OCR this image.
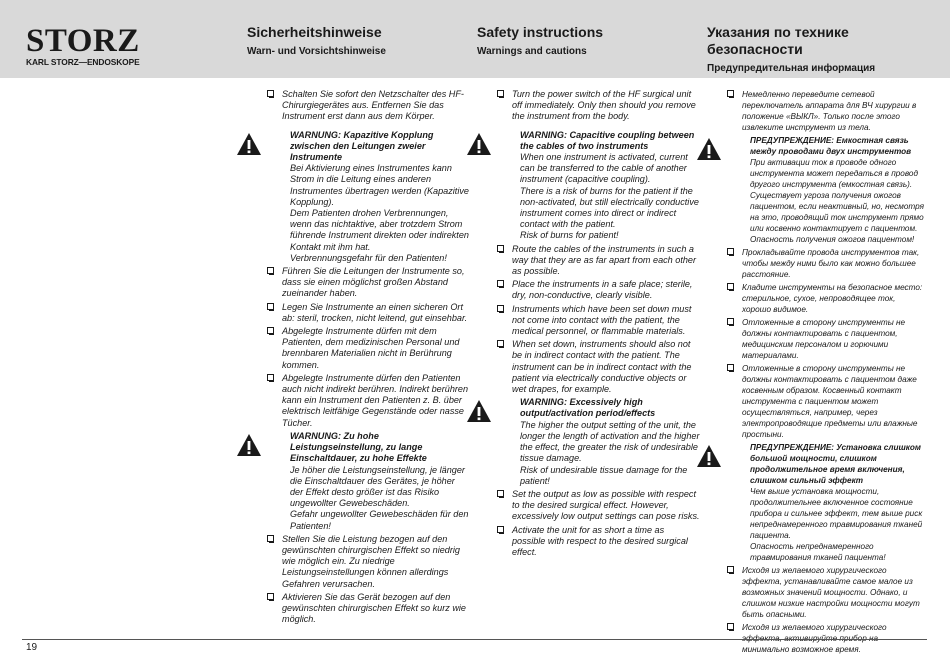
STORZ
KARL STORZ—ENDOSKOPE
Sicherheitshinweise
Warn- und Vorsichtshinweise
Safety instructions
Warnings and cautions
Указания по технике безопасности
Предупредительная информация
Schalten Sie sofort den Netzschalter des HF-Chirurgiegerätes aus. Entfernen Sie das Instrument erst dann aus dem Körper.
WARNUNG: Kapazitive Kopplung zwischen den Leitungen zweier Instrumente
Bei Aktivierung eines Instrumentes kann Strom in die Leitung eines anderen Instrumentes übertragen werden (Kapazitive Kopplung).
Dem Patienten drohen Verbrennungen, wenn das nichtaktive, aber trotzdem Strom führende Instrument direkten oder indirekten Kontakt mit ihm hat.
Verbrennungsgefahr für den Patienten!
Führen Sie die Leitungen der Instrumente so, dass sie einen möglichst großen Abstand zueinander haben.
Legen Sie Instrumente an einen sicheren Ort ab: steril, trocken, nicht leitend, gut einsehbar.
Abgelegte Instrumente dürfen mit dem Patienten, dem medizinischen Personal und brennbaren Materialien nicht in Berührung kommen.
Abgelegte Instrumente dürfen den Patienten auch nicht indirekt berühren. Indirekt berühren kann ein Instrument den Patienten z. B. über elektrisch leitfähige Gegenstände oder nasse Tücher.
WARNUNG: Zu hohe Leistungseinstellung, zu lange Einschaltdauer, zu hohe Effekte
Je höher die Leistungseinstellung, je länger die Einschaltdauer des Gerätes, je höher der Effekt desto größer ist das Risiko ungewollter Gewebeschäden.
Gefahr ungewollter Gewebeschäden für den Patienten!
Stellen Sie die Leistung bezogen auf den gewünschten chirurgischen Effekt so niedrig wie möglich ein. Zu niedrige Leistungseinstellungen können allerdings Gefahren verursachen.
Aktivieren Sie das Gerät bezogen auf den gewünschten chirurgischen Effekt so kurz wie möglich.
Turn the power switch of the HF surgical unit off immediately. Only then should you remove the instrument from the body.
WARNING: Capacitive coupling between the cables of two instruments
When one instrument is activated, current can be transferred to the cable of another instrument (capacitive coupling).
There is a risk of burns for the patient if the non-activated, but still electrically conductive instrument comes into direct or indirect contact with the patient.
Risk of burns for patient!
Route the cables of the instruments in such a way that they are as far apart from each other as possible.
Place the instruments in a safe place; sterile, dry, non-conductive, clearly visible.
Instruments which have been set down must not come into contact with the patient, the medical personnel, or flammable materials.
When set down, instruments should also not be in indirect contact with the patient. The instrument can be in indirect contact with the patient via electrically conductive objects or wet drapes, for example.
WARNING: Excessively high output/activation period/effects
The higher the output setting of the unit, the longer the length of activation and the higher the effect, the greater the risk of undesirable tissue damage.
Risk of undesirable tissue damage for the patient!
Set the output as low as possible with respect to the desired surgical effect. However, excessively low output settings can pose risks.
Activate the unit for as short a time as possible with respect to the desired surgical effect.
Немедленно переведите сетевой переключатель аппарата для ВЧ хирургии в положение «ВЫКЛ». Только после этого извлеките инструмент из тела.
ПРЕДУПРЕЖДЕНИЕ: Емкостная связь между проводами двух инструментов
При активации ток в проводе одного инструмента может передаться в провод другого инструмента (емкостная связь).
Существует угроза получения ожогов пациентом, если неактивный, но, несмотря на это, проводящий ток инструмент прямо или косвенно контактирует с пациентом.
Опасность получения ожогов пациентом!
Прокладывайте провода инструментов так, чтобы между ними было как можно большее расстояние.
Кладите инструменты на безопасное место: стерильное, сухое, непроводящее ток, хорошо видимое.
Отложенные в сторону инструменты не должны контактировать с пациентом, медицинским персоналом и горючими материалами.
Отложенные в сторону инструменты не должны контактировать с пациентом даже косвенным образом. Косвенный контакт инструмента с пациентом может осуществляться, например, через электропроводящие предметы или влажные простыни.
ПРЕДУПРЕЖДЕНИЕ: Установка слишком большой мощности, слишком продолжительное время включения, слишком сильный эффект
Чем выше установка мощности, продолжительнее включенное состояние прибора и сильнее эффект, тем выше риск непреднамеренного травмирования тканей пациента.
Опасность непреднамеренного травмирования тканей пациента!
Исходя из желаемого хирургического эффекта, устанавливайте самое малое из возможных значений мощности. Однако, и слишком низкие настройки мощности могут быть опасными.
Исходя из желаемого хирургического минимально возможное время.
19
